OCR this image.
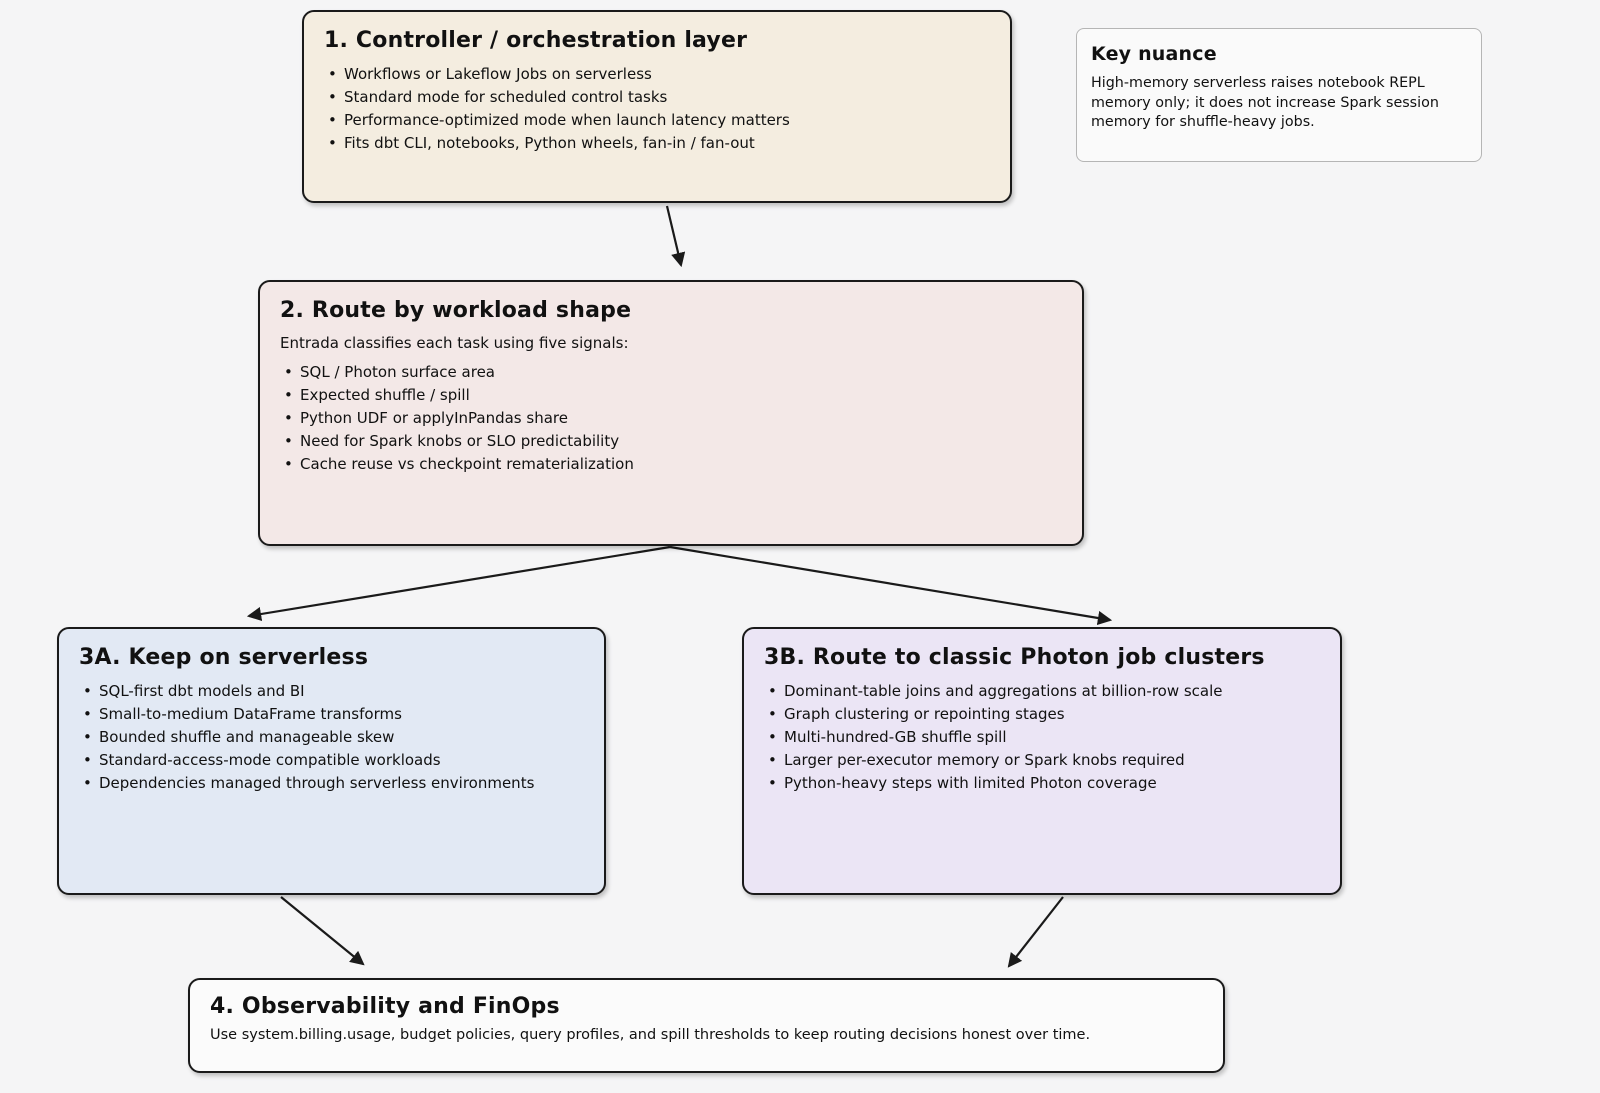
1. Controller / orchestration layer
• Workflows or Lakeflow Jobs on serverless
• Standard mode for scheduled control tasks
• Performance-optimized mode when launch latency matters
• Fits dbt CLI, notebooks, Python wheels, fan-in / fan-out
Key nuance

High-memory serverless raises notebook REPL memory only; it does not increase Spark session memory for shuffle-heavy jobs.

2. Route by workload shape

Entrada classifies each task using five signals:

• SQL / Photon surface area
• Expected shuffle / spill
• Python UDF or applyInPandas share
• Need for Spark knobs or SLO predictability
• Cache reuse vs checkpoint rematerialization
3A. Keep on serverless
• SQL-first dbt models and BI
• Small-to-medium DataFrame transforms
• Bounded shuffle and manageable skew
• Standard-access-mode compatible workloads
• Dependencies managed through serverless environments
3B. Route to classic Photon job clusters
• Dominant-table joins and aggregations at billion-row scale
• Graph clustering or repointing stages
• Multi-hundred-GB shuffle spill
• Larger per-executor memory or Spark knobs required
• Python-heavy steps with limited Photon coverage
4. Observability and FinOps

Use system.billing.usage, budget policies, query profiles, and spill thresholds to keep routing decisions honest over time.
